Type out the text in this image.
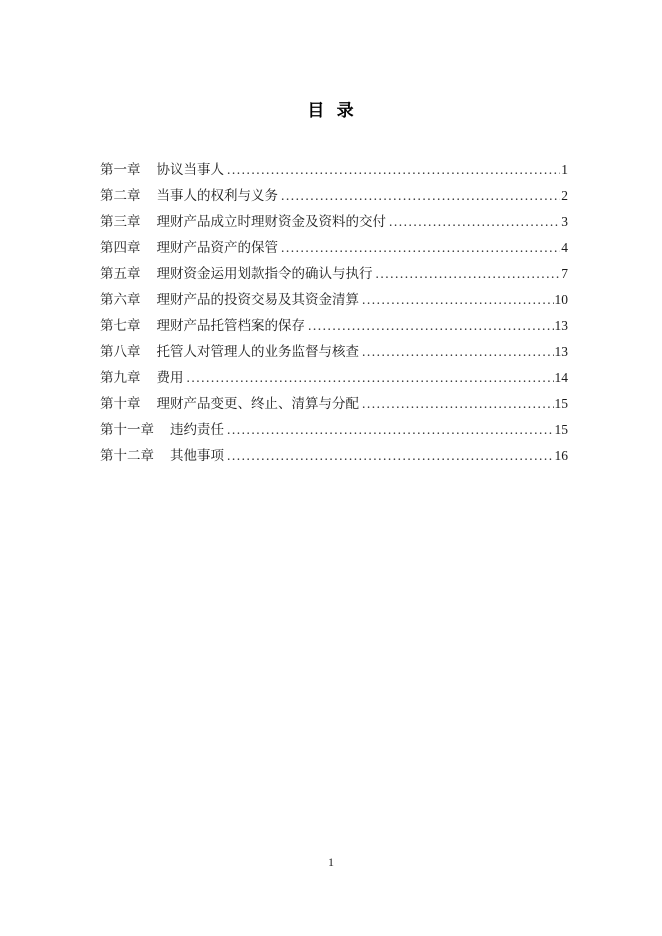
目 录
第一章 协议当事人 .....	1
第二章 当事人的权利与义务 .....	2
第三章 理财产品成立时理财资金及资料的交付 .....	3
第四章 理财产品资产的保管 .....	4
第五章 理财资金运用划款指令的确认与执行 .....	7
第六章 理财产品的投资交易及其资金清算 .....	10
第七章 理财产品托管档案的保存 .....	13
第八章 托管人对管理人的业务监督与核查 .....	13
第九章 费用 .....	14
第十章 理财产品变更、终止、清算与分配 .....	15
第十一章 违约责任 .....	15
第十二章 其他事项 .....	16
1
